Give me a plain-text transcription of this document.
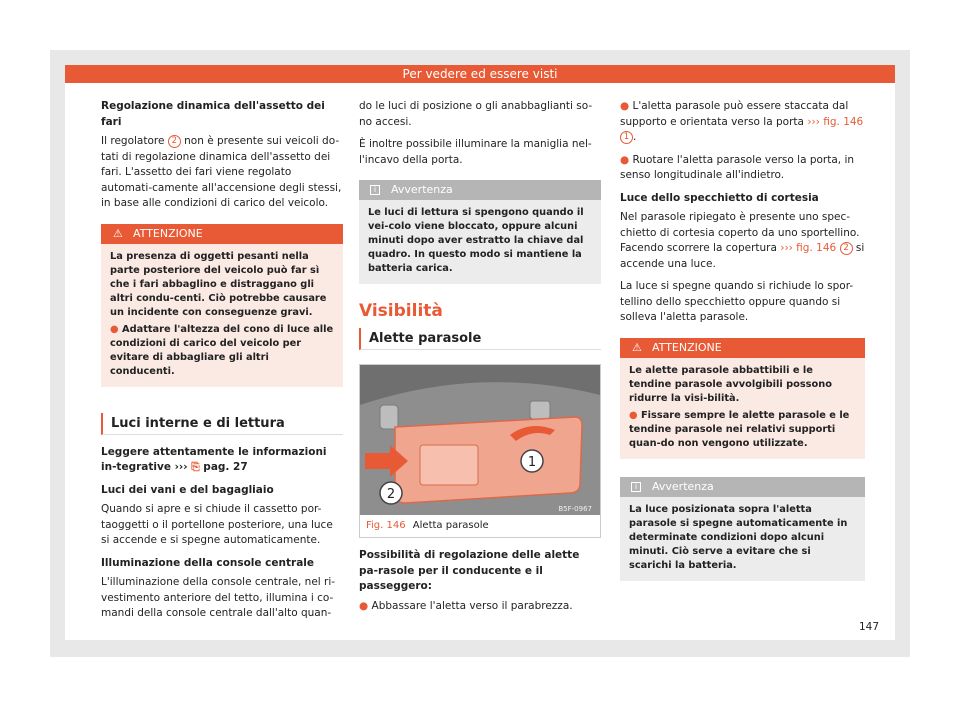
Per vedere ed essere visti
Regolazione dinamica dell'assetto dei fari

Il regolatore 2 non è presente sui veicoli do-tati di regolazione dinamica dell'assetto dei fari. L'assetto dei fari viene regolato automati-camente all'accensione degli stessi, in base alle condizioni di carico del veicolo.

⚠ ATTENZIONE
La presenza di oggetti pesanti nella parte posteriore del veicolo può far sì che i fari abbaglino e distraggano gli altri condu-centi. Ciò potrebbe causare un incidente con conseguenze gravi.
● Adattare l'altezza del cono di luce alle condizioni di carico del veicolo per evitare di abbagliare gli altri conducenti.
Luci interne e di lettura

Leggere attentamente le informazioni in-tegrative ››› ⎘ pag. 27

Luci dei vani e del bagagliaio

Quando si apre e si chiude il cassetto por-taoggetti o il portellone posteriore, una luce si accende e si spegne automaticamente.

Illuminazione della console centrale

L'illuminazione della console centrale, nel ri-vestimento anteriore del tetto, illumina i co-mandi della console centrale dall'alto quan-

do le luci di posizione o gli anabbaglianti so-no accesi.

È inoltre possibile illuminare la maniglia nel-l'incavo della porta.

i	Avvertenza
Le luci di lettura si spengono quando il vei-colo viene bloccato, oppure alcuni minuti dopo aver estratto la chiave dal quadro. In questo modo si mantiene la batteria carica.
Visibilità
Alette parasole
1
2
B5F-0967
Fig. 146 Aletta parasole
Possibilità di regolazione delle alette pa-rasole per il conducente e il passeggero:

● Abbassare l'aletta verso il parabrezza.

● L'aletta parasole può essere staccata dal supporto e orientata verso la porta ››› fig. 146 1 .

● Ruotare l'aletta parasole verso la porta, in senso longitudinale all'indietro.

Luce dello specchietto di cortesia

Nel parasole ripiegato è presente uno spec-chietto di cortesia coperto da uno sportellino. Facendo scorrere la copertura ››› fig. 146 2 si accende una luce.

La luce si spegne quando si richiude lo spor-tellino dello specchietto oppure quando si solleva l'aletta parasole.

⚠ ATTENZIONE
Le alette parasole abbattibili e le tendine parasole avvolgibili possono ridurre la visi-bilità.
● Fissare sempre le alette parasole e le tendine parasole nei relativi supporti quan-do non vengono utilizzate.
i	Avvertenza
La luce posizionata sopra l'aletta parasole si spegne automaticamente in determinate condizioni dopo alcuni minuti. Ciò serve a evitare che si scarichi la batteria.
147
